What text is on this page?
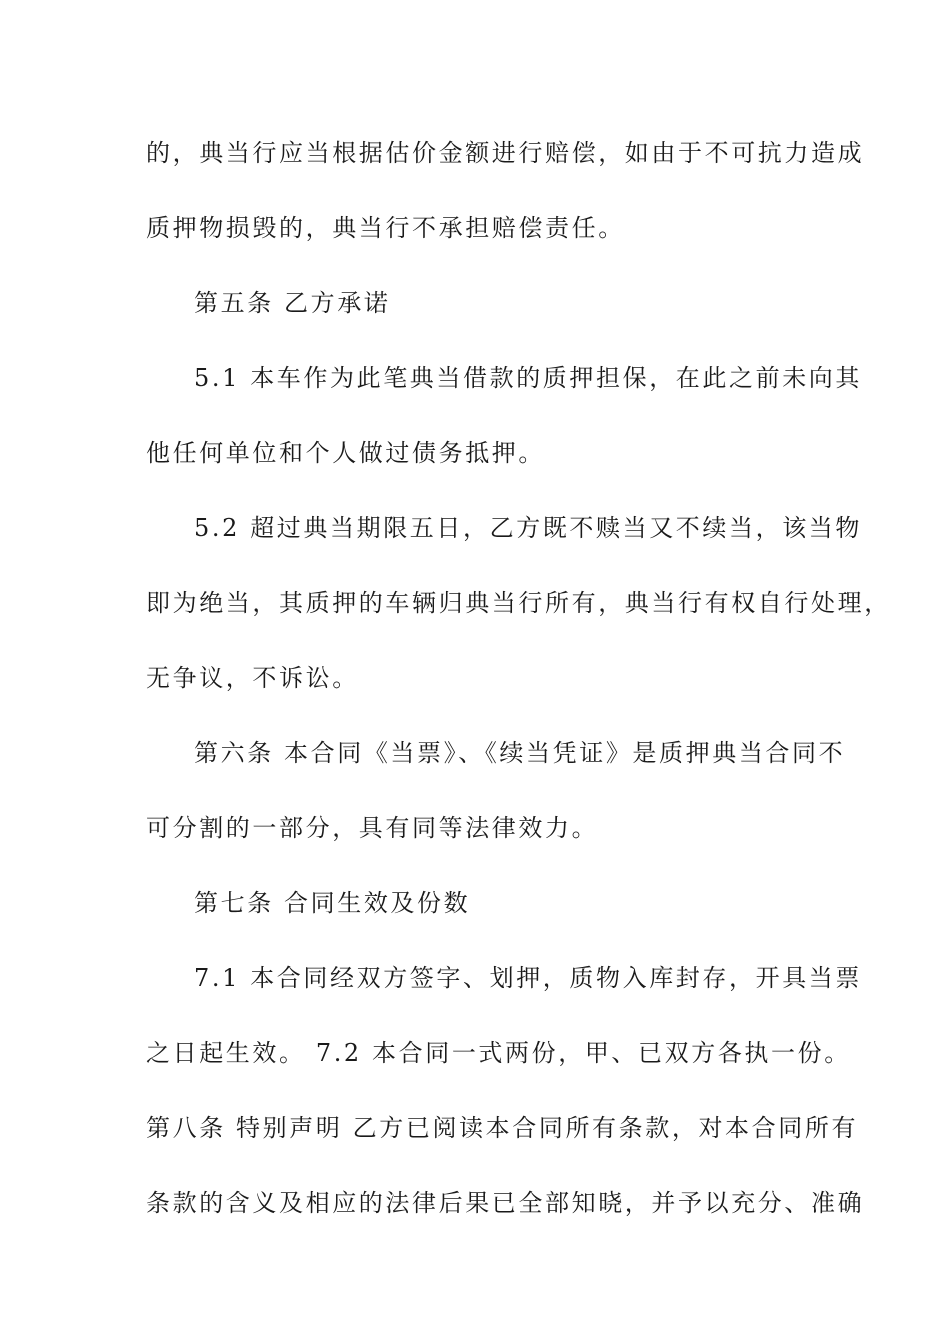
的，典当行应当根据估价金额进行赔偿，如由于不可抗力造成
质押物损毁的，典当行不承担赔偿责任。
第五条 乙方承诺
5.1 本车作为此笔典当借款的质押担保，在此之前未向其
他任何单位和个人做过债务抵押。
5.2 超过典当期限五日，乙方既不赎当又不续当，该当物
即为绝当，其质押的车辆归典当行所有，典当行有权自行处理，
无争议，不诉讼。
第六条 本合同《当票》、《续当凭证》是质押典当合同不
可分割的一部分，具有同等法律效力。
第七条 合同生效及份数
7.1 本合同经双方签字、划押，质物入库封存，开具当票
之日起生效。 7.2 本合同一式两份，甲、已双方各执一份。
第八条 特别声明 乙方已阅读本合同所有条款，对本合同所有
条款的含义及相应的法律后果已全部知晓，并予以充分、准确
